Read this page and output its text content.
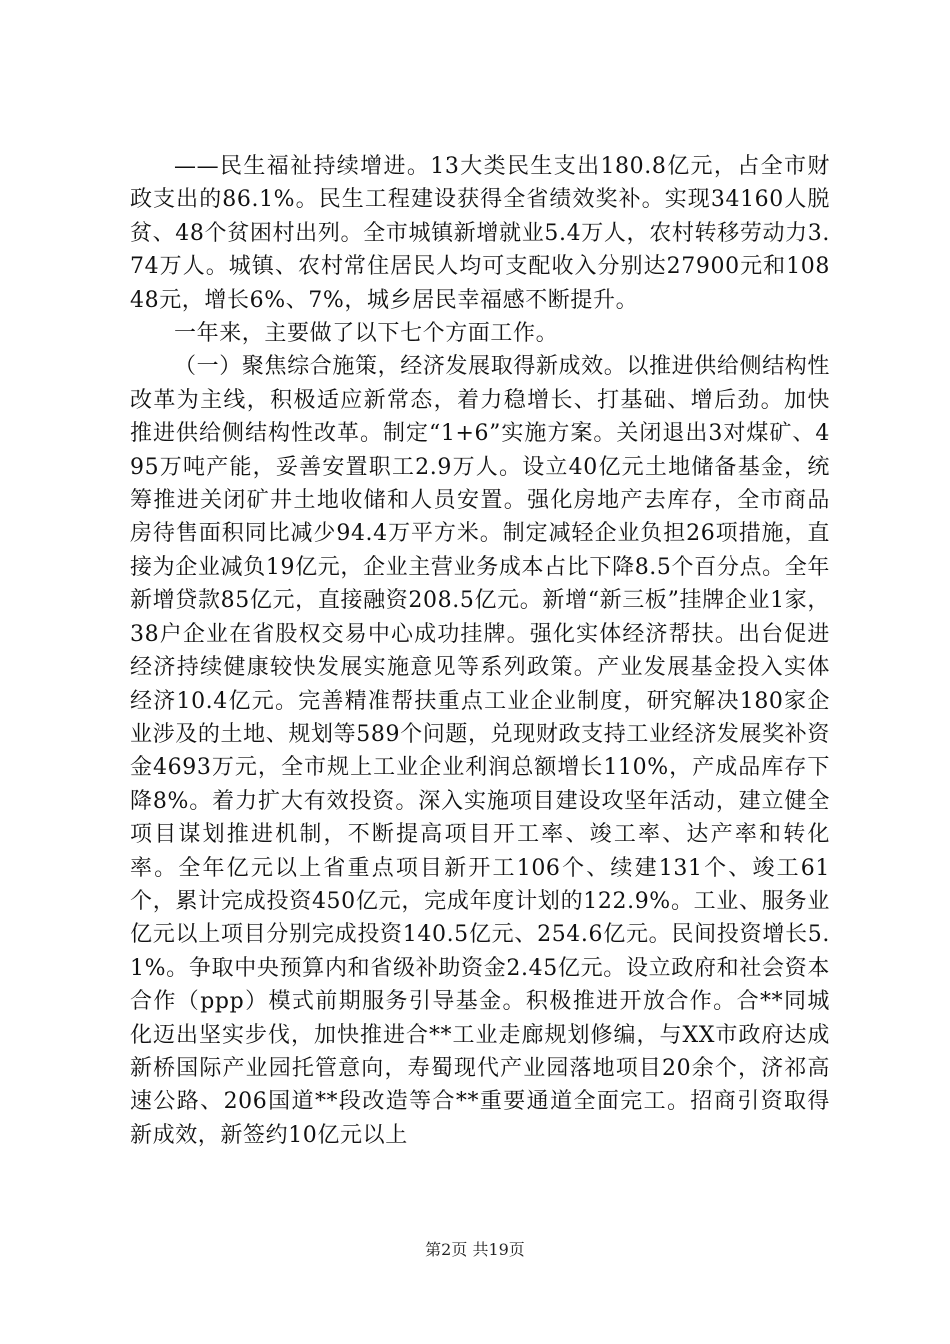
——民生福祉持续增进。13大类民生支出180.8亿元，占全市财政支出的86.1%。民生工程建设获得全省绩效奖补。实现34160人脱贫、48个贫困村出列。全市城镇新增就业5.4万人，农村转移劳动力3.74万人。城镇、农村常住居民人均可支配收入分别达27900元和10848元，增长6%、7%，城乡居民幸福感不断提升。

一年来，主要做了以下七个方面工作。

（一）聚焦综合施策，经济发展取得新成效。以推进供给侧结构性改革为主线，积极适应新常态，着力稳增长、打基础、增后劲。加快推进供给侧结构性改革。制定“1+6”实施方案。关闭退出3对煤矿、495万吨产能，妥善安置职工2.9万人。设立40亿元土地储备基金，统筹推进关闭矿井土地收储和人员安置。强化房地产去库存，全市商品房待售面积同比减少94.4万平方米。制定减轻企业负担26项措施，直接为企业减负19亿元，企业主营业务成本占比下降8.5个百分点。全年新增贷款85亿元，直接融资208.5亿元。新增“新三板”挂牌企业1家，38户企业在省股权交易中心成功挂牌。强化实体经济帮扶。出台促进经济持续健康较快发展实施意见等系列政策。产业发展基金投入实体经济10.4亿元。完善精准帮扶重点工业企业制度，研究解决180家企业涉及的土地、规划等589个问题，兑现财政支持工业经济发展奖补资金4693万元，全市规上工业企业利润总额增长110%，产成品库存下降8%。着力扩大有效投资。深入实施项目建设攻坚年活动，建立健全项目谋划推进机制，不断提高项目开工率、竣工率、达产率和转化率。全年亿元以上省重点项目新开工106个、续建131个、竣工61个，累计完成投资450亿元，完成年度计划的122.9%。工业、服务业亿元以上项目分别完成投资140.5亿元、254.6亿元。民间投资增长5.1%。争取中央预算内和省级补助资金2.45亿元。设立政府和社会资本合作（ppp）模式前期服务引导基金。积极推进开放合作。合**同城化迈出坚实步伐，加快推进合**工业走廊规划修编，与XX市政府达成新桥国际产业园托管意向，寿蜀现代产业园落地项目20余个，济祁高速公路、206国道**段改造等合**重要通道全面完工。招商引资取得新成效，新签约10亿元以上

第2页 共19页
